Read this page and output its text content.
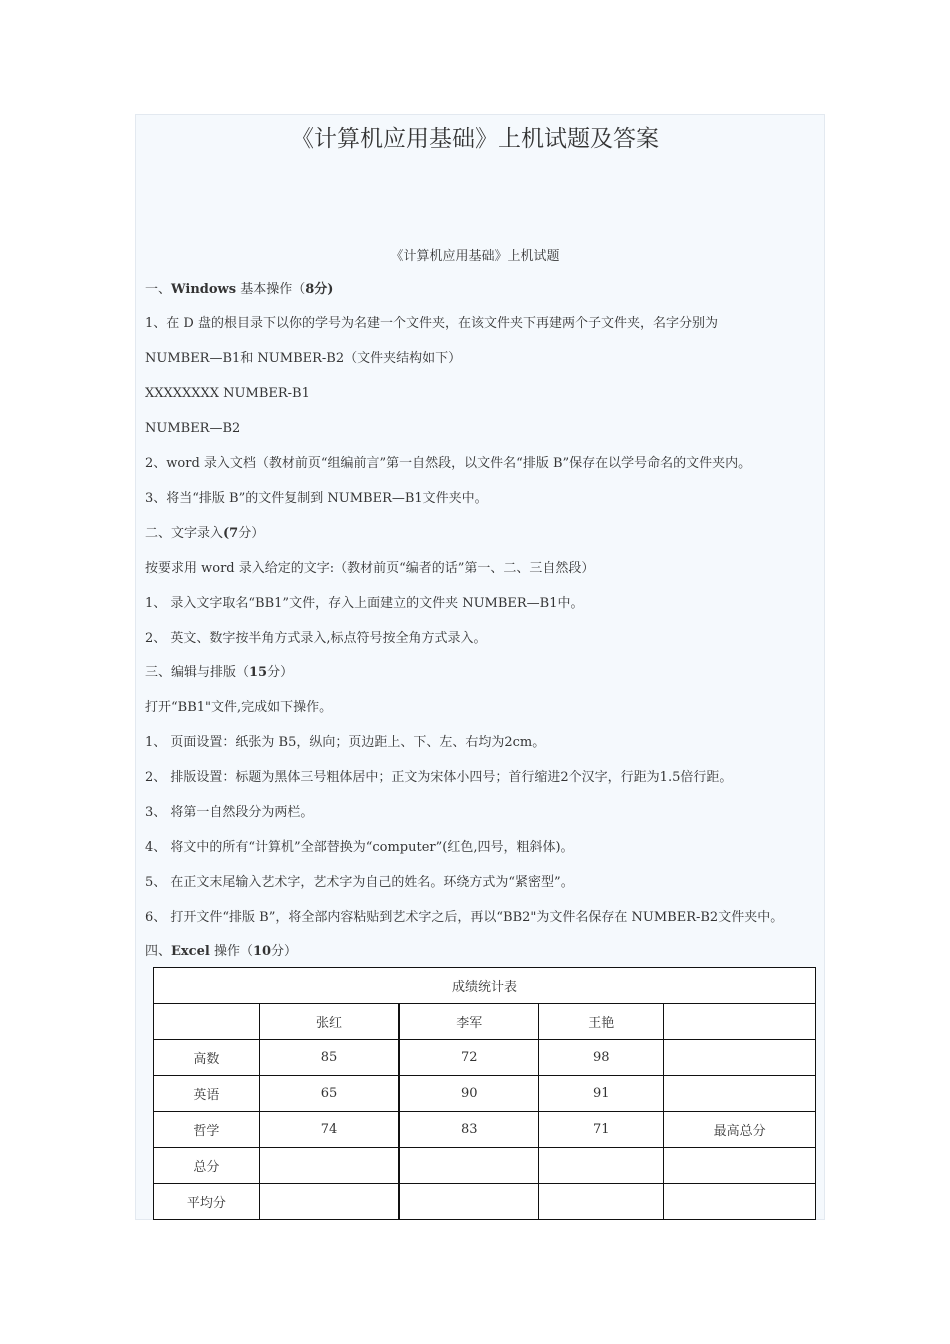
《计算机应用基础》上机试题及答案
《计算机应用基础》上机试题
一、Windows 基本操作（8分)
1、在 D 盘的根目录下以你的学号为名建一个文件夹，在该文件夹下再建两个子文件夹，名字分别为
NUMBER—B1和 NUMBER-B2（文件夹结构如下）
XXXXXXXX NUMBER-B1
NUMBER—B2
2、word 录入文档（教材前页“组编前言”第一自然段，以文件名“排版 B”保存在以学号命名的文件夹内。
3、将当“排版 B”的文件复制到 NUMBER—B1文件夹中。
二、文字录入(7分）
按要求用 word 录入给定的文字:（教材前页“编者的话”第一、二、三自然段）
1、 录入文字取名“BB1”文件，存入上面建立的文件夹 NUMBER—B1中。
2、 英文、数字按半角方式录入,标点符号按全角方式录入。
三、编辑与排版（15分）
打开“BB1"文件,完成如下操作。
1、 页面设置：纸张为 B5，纵向；页边距上、下、左、右均为2cm。
2、 排版设置：标题为黑体三号粗体居中；正文为宋体小四号；首行缩进2个汉字，行距为1.5倍行距。
3、 将第一自然段分为两栏。
4、 将文中的所有“计算机”全部替换为“computer”(红色,四号，粗斜体)。
5、 在正文末尾输入艺术字，艺术字为自己的姓名。环绕方式为“紧密型”。
6、 打开文件“排版 B”，将全部内容粘贴到艺术字之后，再以“BB2"为文件名保存在 NUMBER-B2文件夹中。
四、Excel 操作（10分）
成绩统计表				
	张红	李军	王艳	
高数	85	72	98	
英语	65	90	91	
哲学	74	83	71	最高总分
总分				
平均分				
